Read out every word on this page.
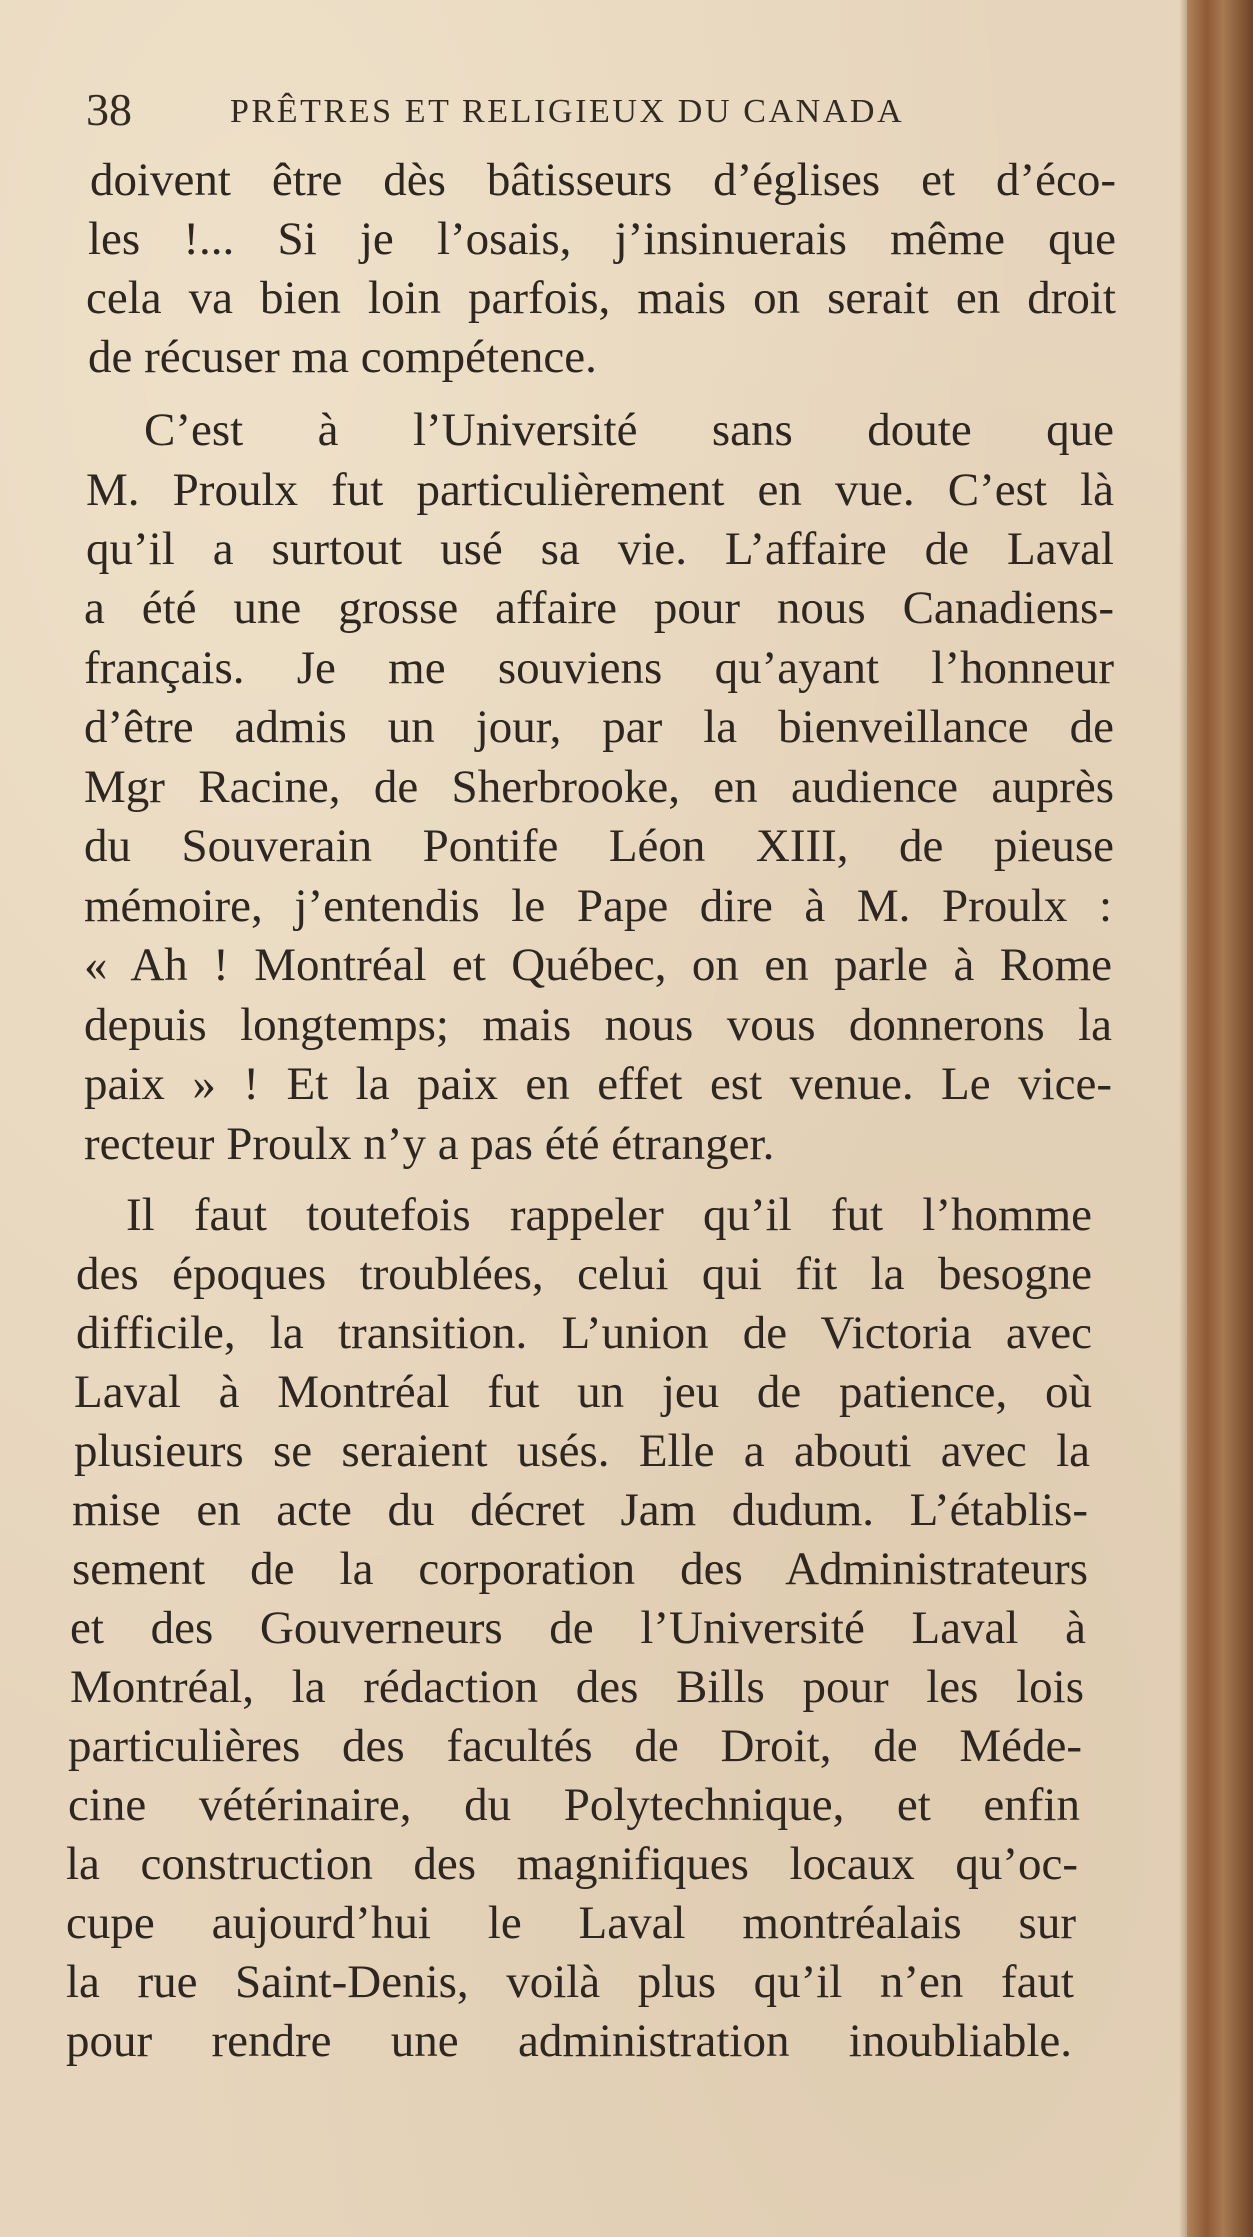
38	PRÊTRES ET RELIGIEUX DU CANADA
doivent être dès bâtisseurs d’églises et d’éco-
les !... Si je l’osais, j’insinuerais même que
cela va bien loin parfois, mais on serait en droit
de récuser ma compétence.
C’est à l’Université sans doute que
M. Proulx fut particulièrement en vue. C’est là
qu’il a surtout usé sa vie. L’affaire de Laval
a été une grosse affaire pour nous Canadiens-
français. Je me souviens qu’ayant l’honneur
d’être admis un jour, par la bienveillance de
Mgr Racine, de Sherbrooke, en audience auprès
du Souverain Pontife Léon XIII, de pieuse
mémoire, j’entendis le Pape dire à M. Proulx :
« Ah ! Montréal et Québec, on en parle à Rome
depuis longtemps; mais nous vous donnerons la
paix » ! Et la paix en effet est venue. Le vice-
recteur Proulx n’y a pas été étranger.
Il faut toutefois rappeler qu’il fut l’homme
des époques troublées, celui qui fit la besogne
difficile, la transition. L’union de Victoria avec
Laval à Montréal fut un jeu de patience, où
plusieurs se seraient usés. Elle a abouti avec la
mise en acte du décret Jam dudum. L’établis-
sement de la corporation des Administrateurs
et des Gouverneurs de l’Université Laval à
Montréal, la rédaction des Bills pour les lois
particulières des facultés de Droit, de Méde-
cine vétérinaire, du Polytechnique, et enfin
la construction des magnifiques locaux qu’oc-
cupe aujourd’hui le Laval montréalais sur
la rue Saint-Denis, voilà plus qu’il n’en faut
pour rendre une administration inoubliable.
